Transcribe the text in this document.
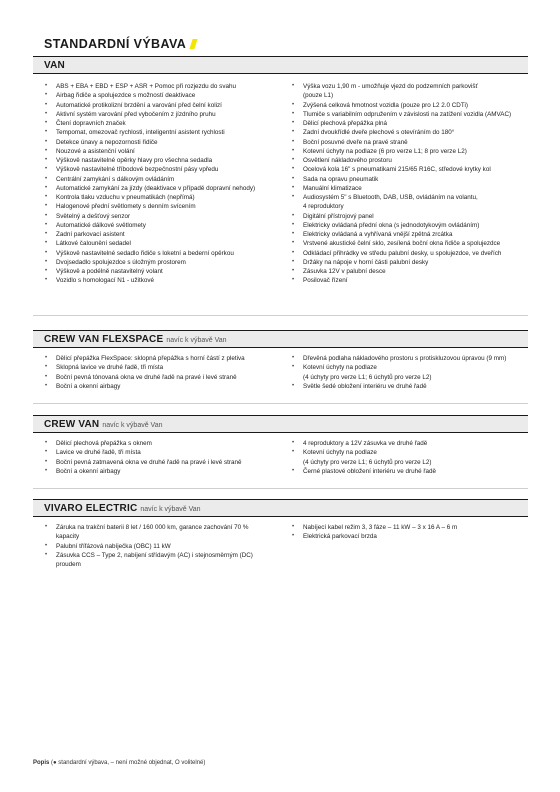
STANDARDNÍ VÝBAVA
VAN
• ABS + EBA + EBD + ESP + ASR + Pomoc při rozjezdu do svahu
• Airbag řidiče a spolujezdce s možností deaktivace
• Automatické protikolizní brzdění a varování před čelní kolizí
• Aktivní systém varování před vybočením z jízdního pruhu
• Čtení dopravních značek
• Tempomat, omezovač rychlosti, inteligentní asistent rychlosti
• Detekce únavy a nepozornosti řidiče
• Nouzové a asistenční volání
• Výškově nastavitelné opěrky hlavy pro všechna sedadla
• Výškově nastavitelné tříbodové bezpečnostní pásy vpředu
• Centrální zamykání s dálkovým ovládáním
• Automatické zamykání za jízdy (deaktivace v případě dopravní nehody)
• Kontrola tlaku vzduchu v pneumatikách (nepřímá)
• Halogenové přední světlomety s denním svícením
• Světelný a dešťový senzor
• Automatické dálkové světlomety
• Zadní parkovací asistent
• Látkové čalounění sedadel
• Výškově nastavitelné sedadlo řidiče s loketní a bederní opěrkou
• Dvojsedadlo spolujezdce s úložným prostorem
• Výškově a podélně nastavitelný volant
• Vozidlo s homologací N1 - užitkové
• Výška vozu 1,90 m - umožňuje vjezd do podzemních parkovišť
(pouze L1)
• Zvýšená celková hmotnost vozidla (pouze pro L2 2.0 CDTi)
• Tlumiče s variabilním odpružením v závislosti na zatížení vozidla (AMVAC)
• Dělicí plechová přepážka plná
• Zadní dvoukřídlé dveře plechové s otevíráním do 180°
• Boční posuvné dveře na pravé straně
• Kotevní úchyty na podlaze (6 pro verze L1; 8 pro verze L2)
• Osvětlení nákladového prostoru
• Ocelová kola 16" s pneumatikami 215/65 R16C, středové krytky kol
• Sada na opravu pneumatik
• Manuální klimatizace
• Audiosystém 5" s Bluetooth, DAB, USB, ovládáním na volantu,
4 reproduktory
• Digitální přístrojový panel
• Elektricky ovládaná přední okna (s jednodotykovým ovládáním)
• Elektricky ovládaná a vyhřívaná vnější zpětná zrcátka
• Vrstvené akustické čelní sklo, zesílená boční okna řidiče a spolujezdce
• Odkládací přihrádky ve středu palubní desky, u spolujezdce, ve dveřích
• Držáky na nápoje v horní části palubní desky
• Zásuvka 12V v palubní desce
• Posilovač řízení
CREW VAN FLEXSPACE navíc k výbavě Van
• Dělicí přepážka FlexSpace: sklopná přepážka s horní částí z pletiva
• Sklopná lavice ve druhé řadě, tři místa
• Boční pevná tónovaná okna ve druhé řadě na pravé i levé straně
• Boční a okenní airbagy
• Dřevěná podlaha nákladového prostoru s protiskluzovou úpravou (9 mm)
• Kotevní úchyty na podlaze
(4 úchyty pro verze L1; 6 úchytů pro verze L2)
• Světle šedé obložení interiéru ve druhé řadě
CREW VAN navíc k výbavě Van
• Dělicí plechová přepážka s oknem
• Lavice ve druhé řadě, tři místa
• Boční pevná zatmavená okna ve druhé řadě na pravé i levé straně
• Boční a okenní airbagy
• 4 reproduktory a 12V zásuvka ve druhé řadě
• Kotevní úchyty na podlaze
(4 úchyty pro verze L1; 6 úchytů pro verze L2)
• Černé plastové obložení interiéru ve druhé řadě
VIVARO ELECTRIC navíc k výbavě Van
• Záruka na trakční baterii 8 let / 160 000 km, garance zachování 70 %
kapacity
• Palubní třífázová nabíječka (OBC) 11 kW
• Zásuvka CCS – Type 2, nabíjení střídavým (AC) i stejnosměrným (DC)
proudem
• Nabíjecí kabel režim 3, 3 fáze – 11 kW – 3 x 16 A – 6 m
• Elektrická parkovací brzda
Popis (● standardní výbava, – není možné objednat, O volitelné)
